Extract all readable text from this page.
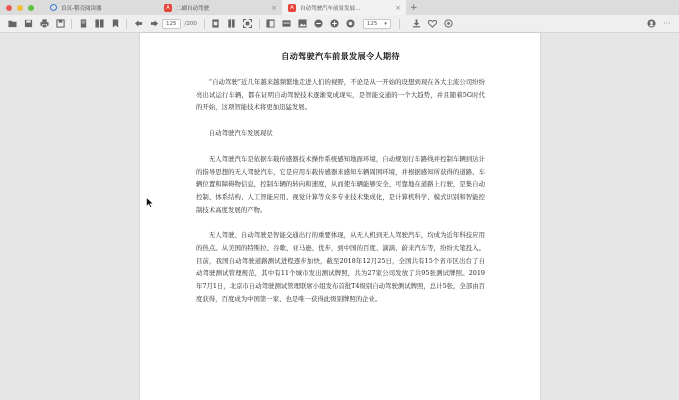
首页-稻壳阅读器	A	二刷自动驾驶	×	A	自动驾驶汽车前景发展...	× +
125	/200	125 ▾	···
自动驾驶汽车前景发展令人期待

“自动驾驶”近几年越来越频繁地走进人们的视野，不论是从一开始的设想到现在各大主流公司纷纷亮出试运行车辆，都在证明自动驾驶技术逐渐变成现实，是智能交通的一个大趋势，并且随着5G时代的开始，这项智能技术将更加迅猛发展。

自动驾驶汽车发展现状

无人驾驶汽车是依据车载传感器技术操作系统感知地面环境，自动规划行车路线并控制车辆到达计的指导思想的无人驾驶汽车，它是应用车载传感器来感知车辆周围环境，并根据感知所获得的道路、车辆位置和障碍物信息，控制车辆的转向和速度，从而使车辆能够安全、可靠地在道路上行驶，是集自动控制、体系结构、人工智能应用、视觉计算等众多专业技术集成化，是计算机科学、模式识别和智能控制技术高度发展的产物。

无人驾驶、自动驾驶是智能交通出行的重要体现，从无人机到无人驾驶汽车，均成为近年科技应用的热点。从美国的特斯拉、谷歌、亚马逊、优步，到中国的百度、滴滴、蔚来汽车等，纷纷大笔投入。目前，我国自动驾驶道路测试进程逐步加快，截至2018年12月25日，全国共有15个省市区出台了自动驾驶测试管理规范，其中有11个城市发出测试牌照，共为27家公司发放了共95张测试牌照。2019年7月1日，北京市自动驾驶测试管理联席小组发布首批T4级别自动驾驶测试牌照，总计5张，全部由百度获得，百度成为中国第一家、也是唯一获得此级别牌照的企业。
